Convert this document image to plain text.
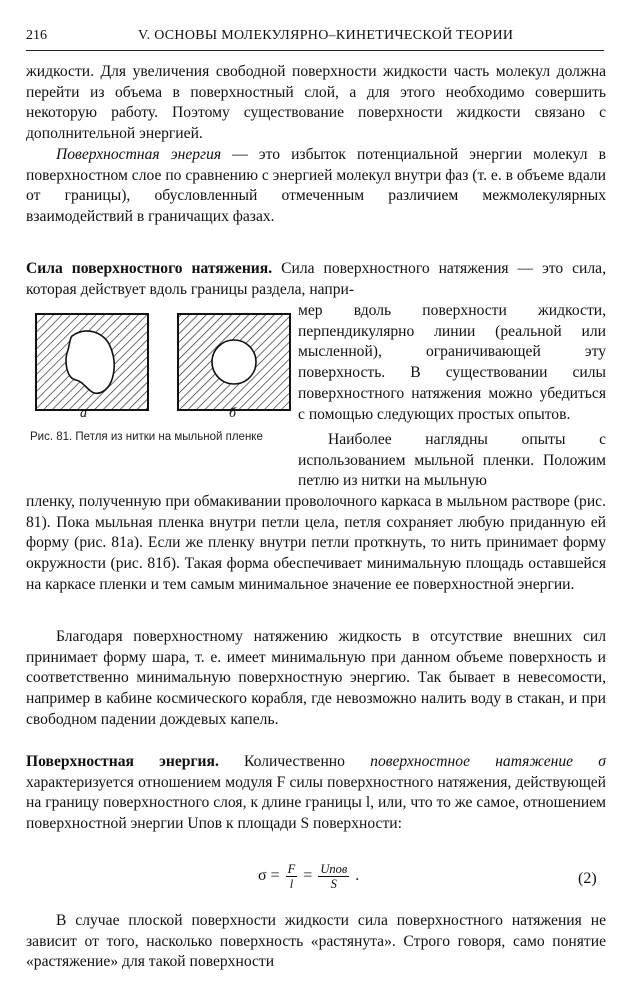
216	V. ОСНОВЫ МОЛЕКУЛЯРНО–КИНЕТИЧЕСКОЙ ТЕОРИИ
жидкости. Для увеличения свободной поверхности жидкости часть молекул должна перейти из объема в поверхностный слой, а для этого необходимо совершить некоторую работу. Поэтому существование поверхности жидкости связано с дополнительной энергией.
Поверхностная энергия — это избыток потенциальной энергии молекул в поверхностном слое по сравнению с энергией молекул внутри фаз (т. е. в объеме вдали от границы), обусловленный отмеченным различием межмолекулярных взаимодействий в граничащих фазах.
Сила поверхностного натяжения. Сила поверхностного натяжения — это сила, которая действует вдоль границы раздела, напри-
а	б
Рис. 81. Петля из нитки на мыльной пленке
мер вдоль поверхности жидкости, перпендикулярно линии (реальной или мысленной), ограничивающей эту поверхность. В существовании силы поверхностного натяжения можно убедиться с помощью следующих простых опытов.
Наиболее наглядны опыты с использованием мыльной пленки. Положим петлю из нитки на мыльную
пленку, полученную при обмакивании проволочного каркаса в мыльном растворе (рис. 81). Пока мыльная пленка внутри петли цела, петля сохраняет любую приданную ей форму (рис. 81а). Если же пленку внутри петли проткнуть, то нить принимает форму окружности (рис. 81б). Такая форма обеспечивает минимальную площадь оставшейся на каркасе пленки и тем самым минимальное значение ее поверхностной энергии.
Благодаря поверхностному натяжению жидкость в отсутствие внешних сил принимает форму шара, т. е. имеет минимальную при данном объеме поверхность и соответственно минимальную поверхностную энергию. Так бывает в невесомости, например в кабине космического корабля, где невозможно налить воду в стакан, и при свободном падении дождевых капель.
Поверхностная энергия. Количественно поверхностное натяжение σ характеризуется отношением модуля F силы поверхностного натяжения, действующей на границу поверхностного слоя, к длине границы l, или, что то же самое, отношением поверхностной энергии Uпов к площади S поверхности:
$\sigma = \frac{F}{l} = \frac{\text{Uпов}}{S}$ .	(2)
В случае плоской поверхности жидкости сила поверхностного натяжения не зависит от того, насколько поверхность «растянута». Строго говоря, само понятие «растяжение» для такой поверхности
